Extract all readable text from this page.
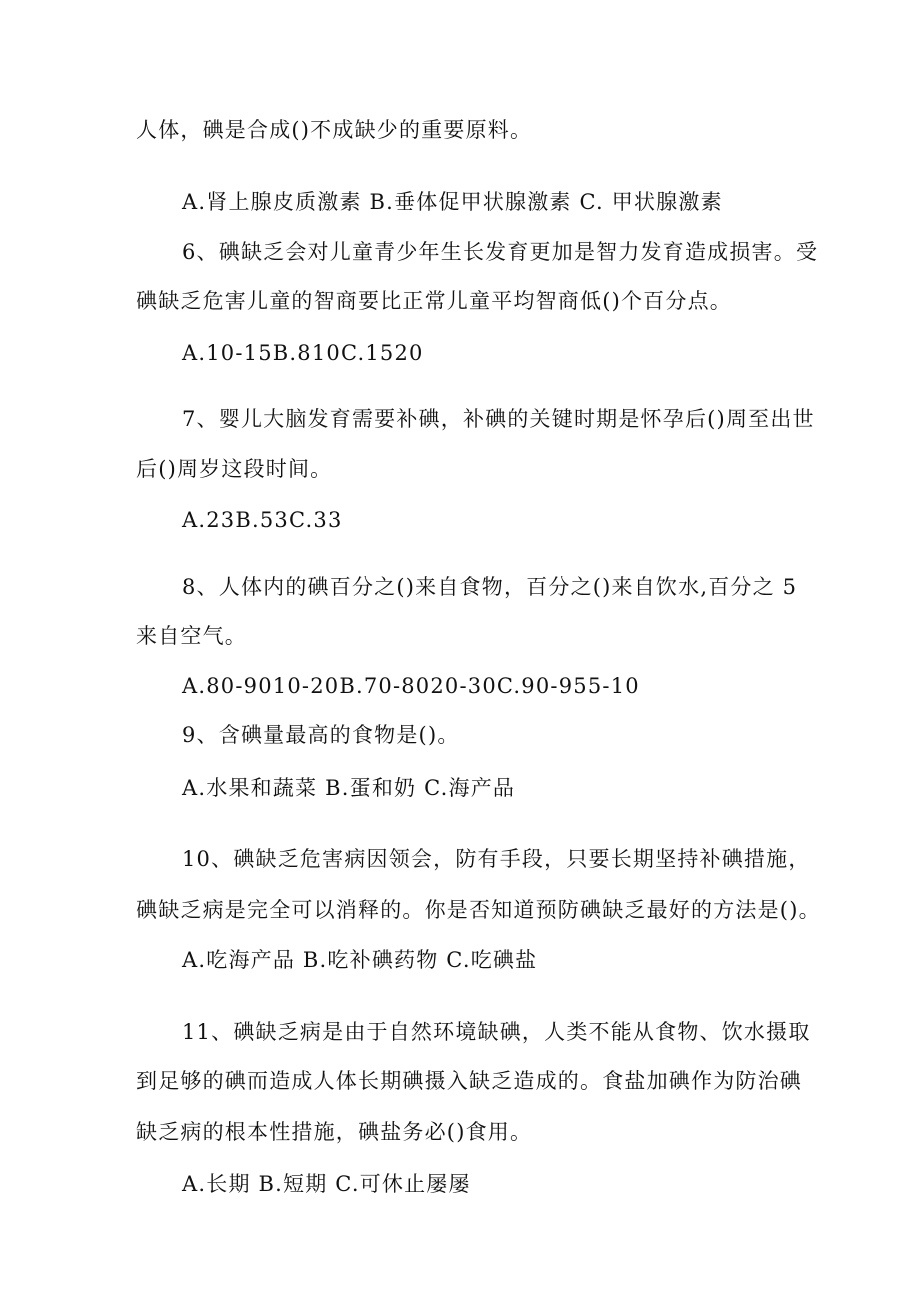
人体，碘是合成()不成缺少的重要原料。
A.肾上腺皮质激素 B.垂体促甲状腺激素 C. 甲状腺激素
6、碘缺乏会对儿童青少年生长发育更加是智力发育造成损害。受
碘缺乏危害儿童的智商要比正常儿童平均智商低()个百分点。
A.10-15B.810C.1520
7、婴儿大脑发育需要补碘，补碘的关键时期是怀孕后()周至出世
后()周岁这段时间。
A.23B.53C.33
8、人体内的碘百分之()来自食物，百分之()来自饮水,百分之 5
来自空气。
A.80-9010-20B.70-8020-30C.90-955-10
9、含碘量最高的食物是()。
A.水果和蔬菜 B.蛋和奶 C.海产品
10、碘缺乏危害病因领会，防有手段，只要长期坚持补碘措施，
碘缺乏病是完全可以消释的。你是否知道预防碘缺乏最好的方法是()。
A.吃海产品 B.吃补碘药物 C.吃碘盐
11、碘缺乏病是由于自然环境缺碘，人类不能从食物、饮水摄取
到足够的碘而造成人体长期碘摄入缺乏造成的。食盐加碘作为防治碘
缺乏病的根本性措施，碘盐务必()食用。
A.长期 B.短期 C.可休止屡屡
